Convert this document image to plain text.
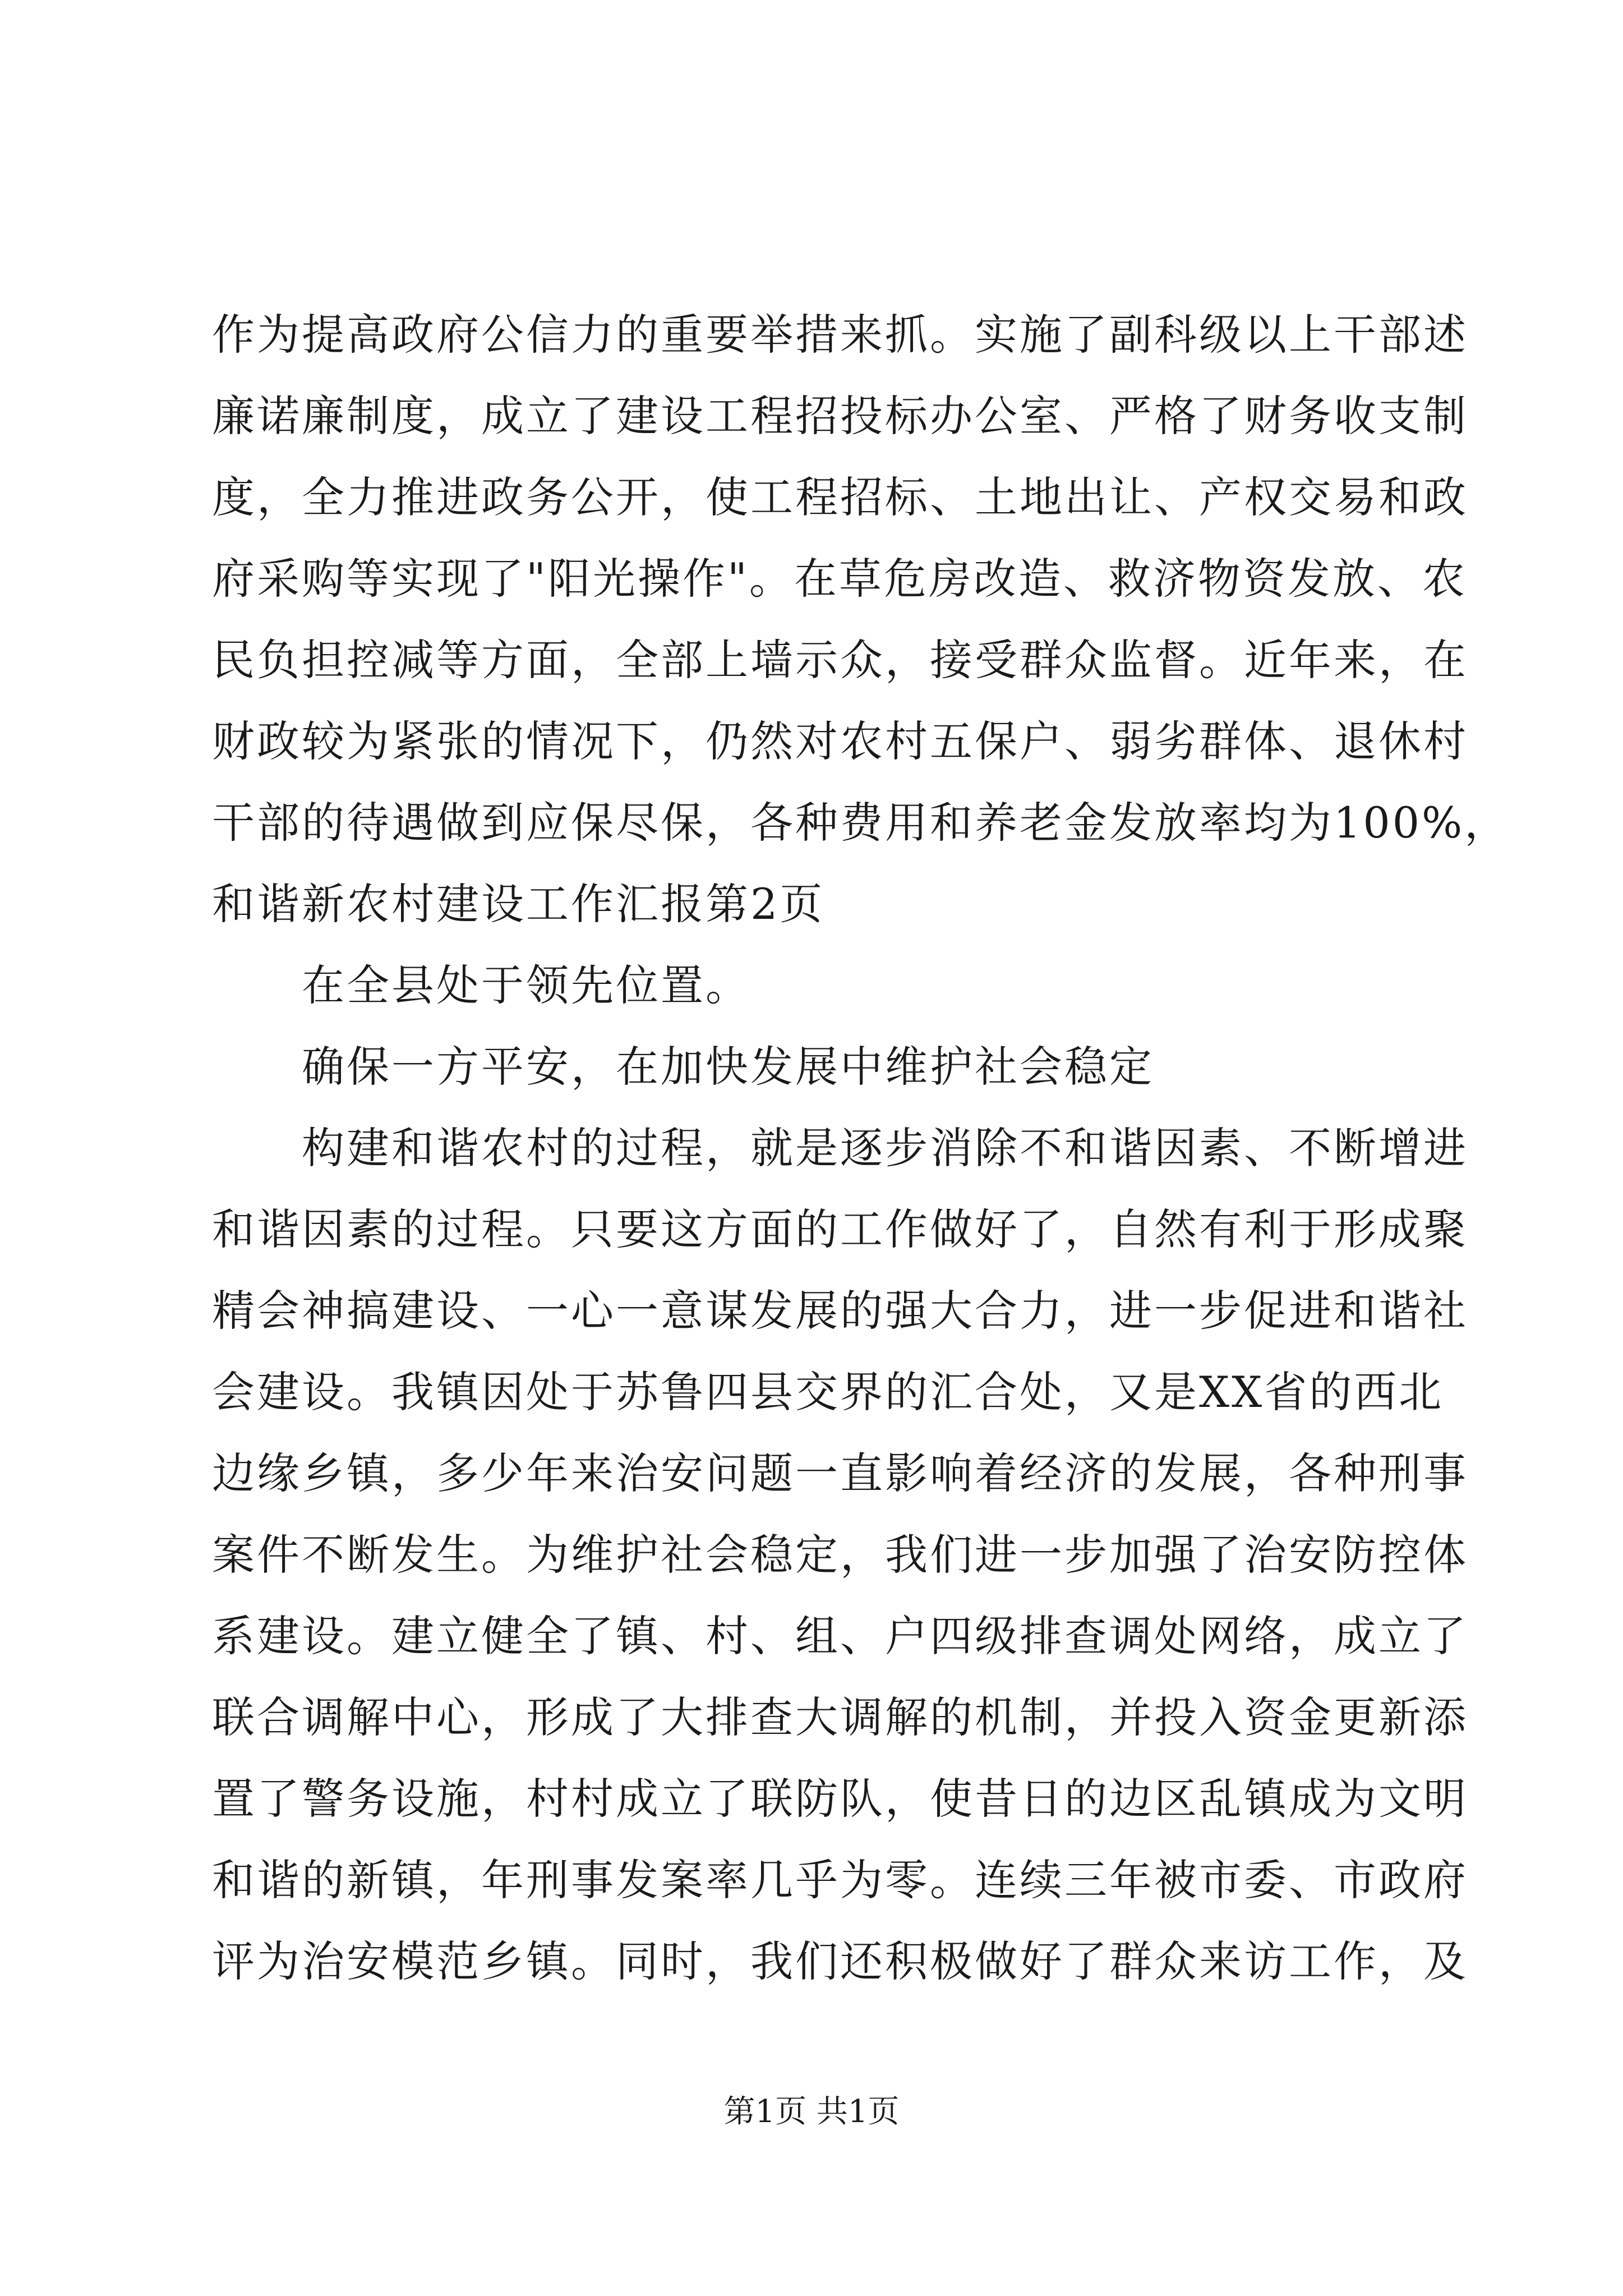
作为提高政府公信力的重要举措来抓。实施了副科级以上干部述
廉诺廉制度，成立了建设工程招投标办公室、严格了财务收支制
度，全力推进政务公开，使工程招标、土地出让、产权交易和政
府采购等实现了"阳光操作"。在草危房改造、救济物资发放、农
民负担控减等方面，全部上墙示众，接受群众监督。近年来，在
财政较为紧张的情况下，仍然对农村五保户、弱劣群体、退休村
干部的待遇做到应保尽保，各种费用和养老金发放率均为100%，
和谐新农村建设工作汇报第2页
在全县处于领先位置。
确保一方平安，在加快发展中维护社会稳定
构建和谐农村的过程，就是逐步消除不和谐因素、不断增进
和谐因素的过程。只要这方面的工作做好了，自然有利于形成聚
精会神搞建设、一心一意谋发展的强大合力，进一步促进和谐社
会建设。我镇因处于苏鲁四县交界的汇合处，又是XX省的西北
边缘乡镇，多少年来治安问题一直影响着经济的发展，各种刑事
案件不断发生。为维护社会稳定，我们进一步加强了治安防控体
系建设。建立健全了镇、村、组、户四级排查调处网络，成立了
联合调解中心，形成了大排查大调解的机制，并投入资金更新添
置了警务设施，村村成立了联防队，使昔日的边区乱镇成为文明
和谐的新镇，年刑事发案率几乎为零。连续三年被市委、市政府
评为治安模范乡镇。同时，我们还积极做好了群众来访工作，及
第1页 共1页
